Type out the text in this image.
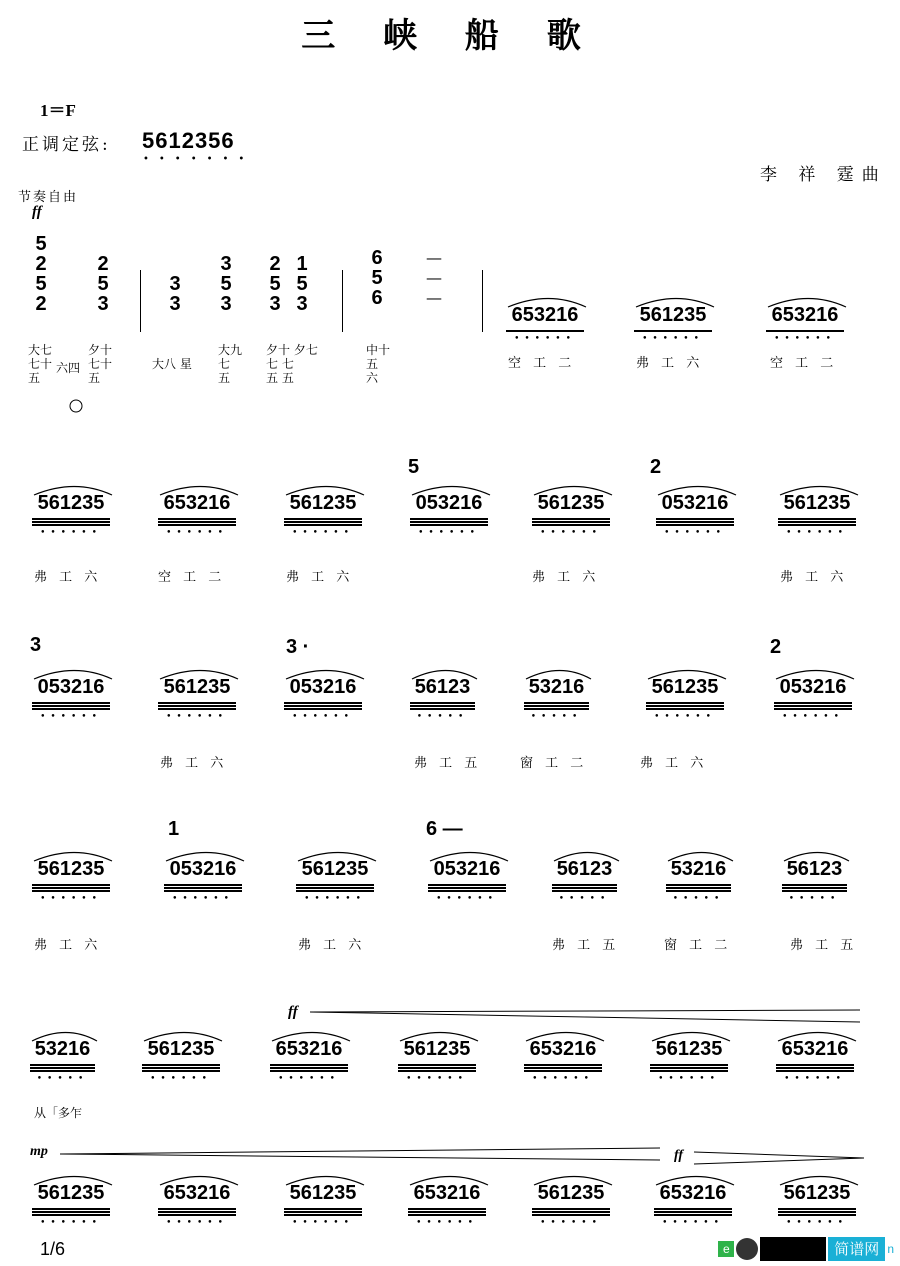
三 峡 船 歌
1＝F
正调定弦: 5612356
•••••••
李 祥 霆曲
节奏自由
ff
5
2
5
2
2
5
3
3
3
3
5
3
2
5
3
1
5
3
6
5
6
—
—
—
大七
七十
五
六四
夕十
七十
五
大八 星
大九
七
五
夕十 夕七
七 七
五 五
中十
五
六
653216
••••••
561235
••••••
653216
••••••
561235
••••••
653216
••••••
561235
••••••
053216
••••••
561235
••••••
053216
••••••
561235
••••••
053216
••••••
561235
••••••
053216
••••••
56123
•••••
53216
•••••
561235
••••••
053216
••••••
561235
••••••
053216
••••••
561235
••••••
053216
••••••
56123
•••••
53216
•••••
56123
•••••
53216
•••••
561235
••••••
653216
••••••
561235
••••••
653216
••••••
561235
••••••
653216
••••••
561235
••••••
653216
••••••
561235
••••••
653216
••••••
561235
••••••
653216
••••••
561235
••••••
空 工 二	弗 工 六	空 工 二
弗 工 六	空 工 二	弗 工 六	弗 工 六	弗 工 六
弗 工 六	弗 工 五	窗 工 二	弗 工 六
弗 工 六	弗 工 六	弗 工 五	窗 工 二	弗 工 五
5	2
3	3 ·	2
1	6 —
ff
从「多乍
mp	ff
1/6	e	简谱网 n
